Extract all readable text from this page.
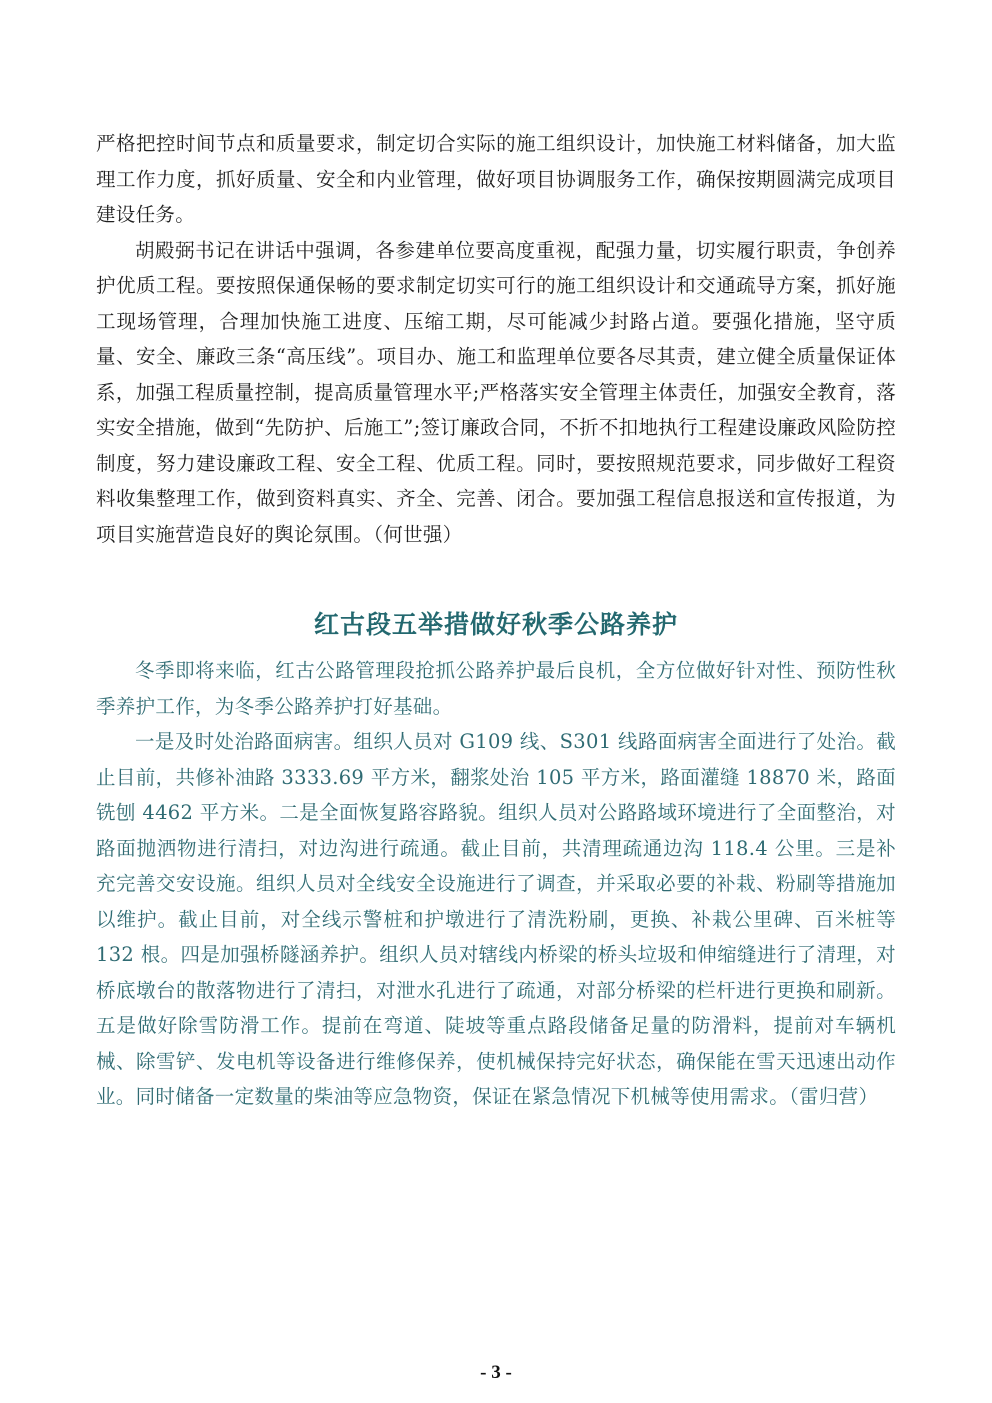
严格把控时间节点和质量要求，制定切合实际的施工组织设计，加快施工材料储备，加大监理工作力度，抓好质量、安全和内业管理，做好项目协调服务工作，确保按期圆满完成项目建设任务。

胡殿弼书记在讲话中强调，各参建单位要高度重视，配强力量，切实履行职责，争创养护优质工程。要按照保通保畅的要求制定切实可行的施工组织设计和交通疏导方案，抓好施工现场管理，合理加快施工进度、压缩工期，尽可能减少封路占道。要强化措施，坚守质量、安全、廉政三条“高压线”。项目办、施工和监理单位要各尽其责，建立健全质量保证体系，加强工程质量控制，提高质量管理水平;严格落实安全管理主体责任，加强安全教育，落实安全措施，做到“先防护、后施工”;签订廉政合同，不折不扣地执行工程建设廉政风险防控制度，努力建设廉政工程、安全工程、优质工程。同时，要按照规范要求，同步做好工程资料收集整理工作，做到资料真实、齐全、完善、闭合。要加强工程信息报送和宣传报道，为项目实施营造良好的舆论氛围。（何世强）

红古段五举措做好秋季公路养护

冬季即将来临，红古公路管理段抢抓公路养护最后良机，全方位做好针对性、预防性秋季养护工作，为冬季公路养护打好基础。

一是及时处治路面病害。组织人员对 G109 线、S301 线路面病害全面进行了处治。截止目前，共修补油路 3333.69 平方米，翻浆处治 105 平方米，路面灌缝 18870 米，路面铣刨 4462 平方米。二是全面恢复路容路貌。组织人员对公路路域环境进行了全面整治，对路面抛洒物进行清扫，对边沟进行疏通。截止目前，共清理疏通边沟 118.4 公里。三是补充完善交安设施。组织人员对全线安全设施进行了调查，并采取必要的补栽、粉刷等措施加以维护。截止目前，对全线示警桩和护墩进行了清洗粉刷，更换、补栽公里碑、百米桩等 132 根。四是加强桥隧涵养护。组织人员对辖线内桥梁的桥头垃圾和伸缩缝进行了清理，对桥底墩台的散落物进行了清扫，对泄水孔进行了疏通，对部分桥梁的栏杆进行更换和刷新。五是做好除雪防滑工作。提前在弯道、陡坡等重点路段储备足量的防滑料，提前对车辆机械、除雪铲、发电机等设备进行维修保养，使机械保持完好状态，确保能在雪天迅速出动作业。同时储备一定数量的柴油等应急物资，保证在紧急情况下机械等使用需求。（雷归营）

- 3 -
